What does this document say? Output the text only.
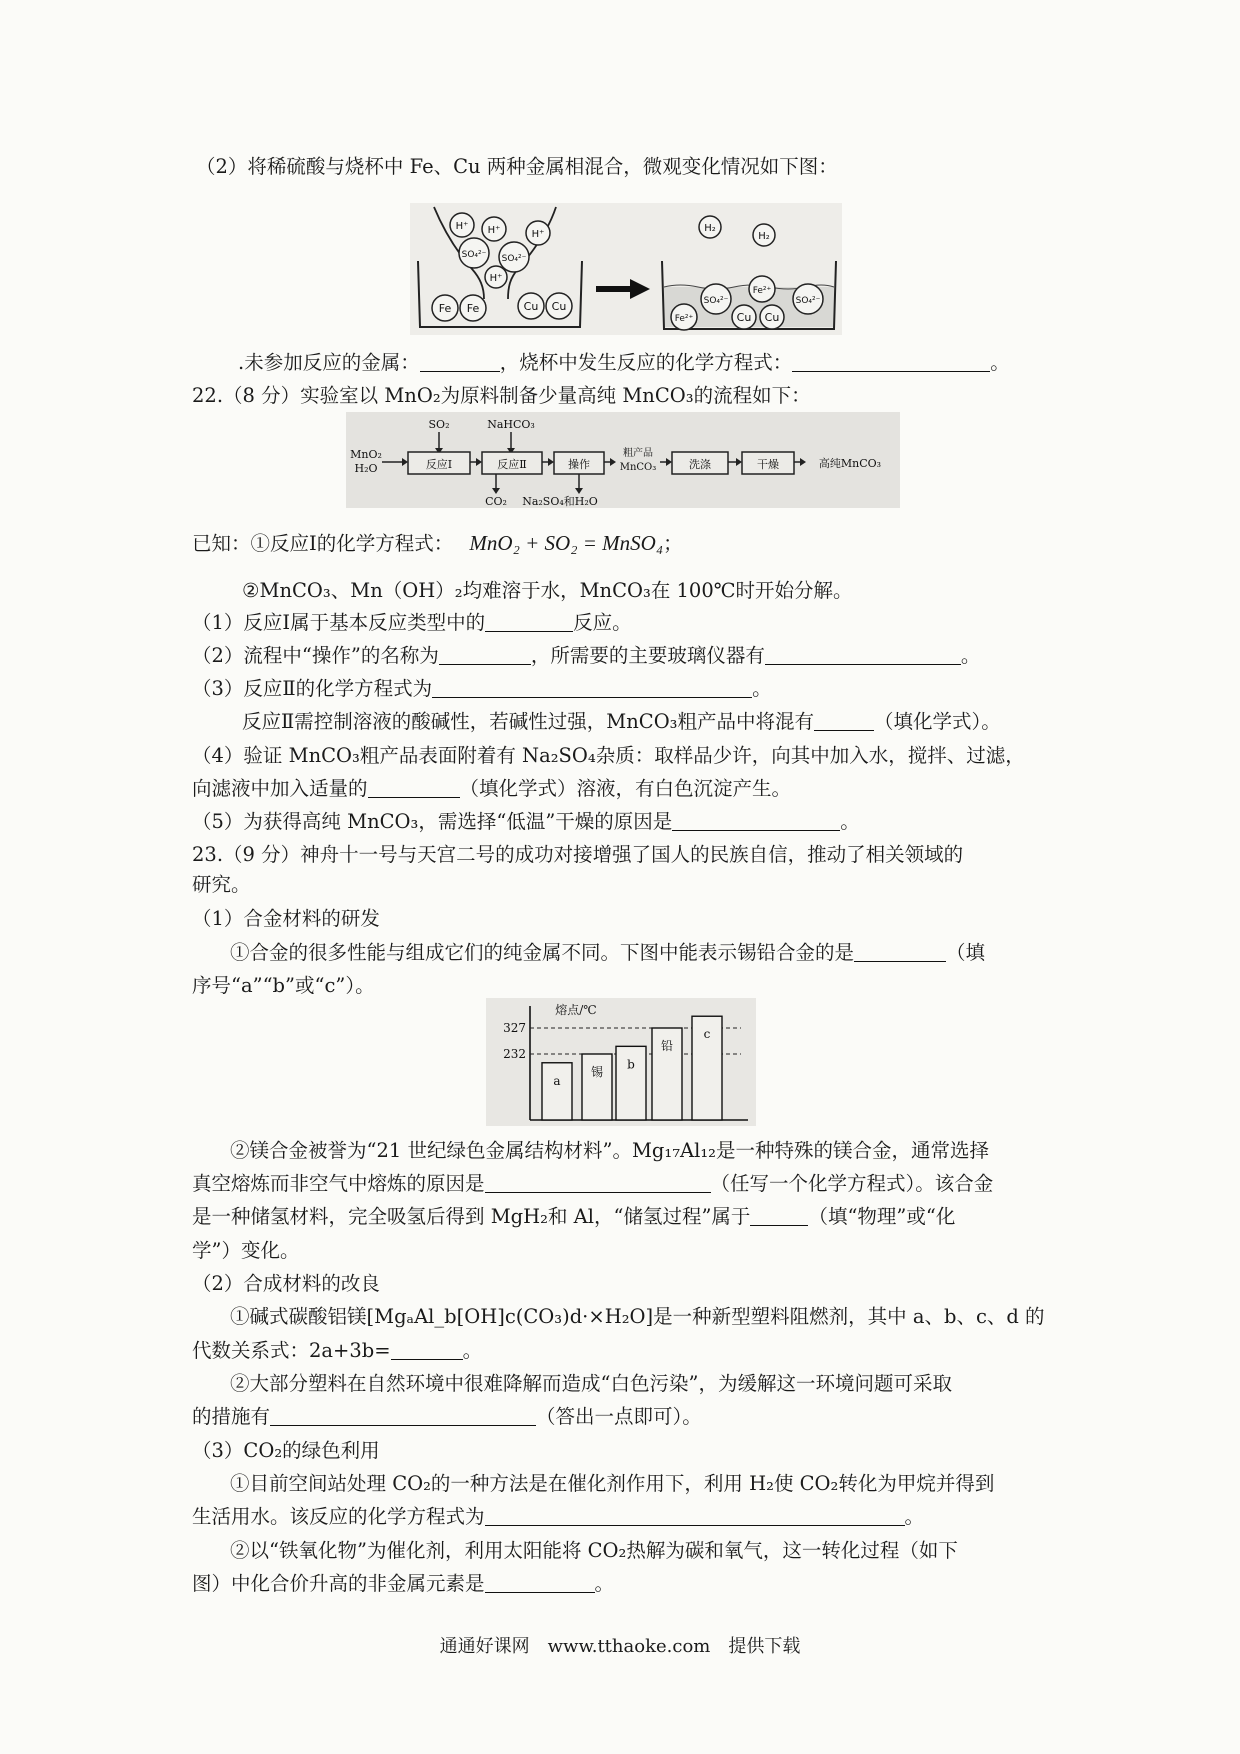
（2）将稀硫酸与烧杯中 Fe、Cu 两种金属相混合，微观变化情况如下图：
H⁺ H⁺	H⁺
SO₄²⁻ SO₄²⁻
H⁺
Fe Fe	Cu Cu
H₂
H₂
SO₄²⁻
Fe²⁺
SO₄²⁻
Fe²⁺	Cu Cu
.未参加反应的金属：	，烧杯中发生反应的化学方程式：	。
22.（8 分）实验室以 MnO₂为原料制备少量高纯 MnCO₃的流程如下：
MnO₂
H₂O
SO₂
反应Ⅰ
NaHCO₃
反应Ⅱ
CO₂
操作
Na₂SO₄和H₂O
粗产品
MnCO₃	洗涤	干燥	高纯MnCO₃
已知：①反应Ⅰ的化学方程式： MnO₂ + SO₂ = MnSO₄；
②MnCO₃、Mn（OH）₂均难溶于水，MnCO₃在 100℃时开始分解。
（1）反应Ⅰ属于基本反应类型中的	反应。
（2）流程中“操作”的名称为	，所需要的主要玻璃仪器有	。
（3）反应Ⅱ的化学方程式为	。
反应Ⅱ需控制溶液的酸碱性，若碱性过强，MnCO₃粗产品中将混有	（填化学式）。
（4）验证 MnCO₃粗产品表面附着有 Na₂SO₄杂质：取样品少许，向其中加入水，搅拌、过滤，
向滤液中加入适量的	（填化学式）溶液，有白色沉淀产生。
（5）为获得高纯 MnCO₃，需选择“低温”干燥的原因是	。
23.（9 分）神舟十一号与天宫二号的成功对接增强了国人的民族自信，推动了相关领域的
研究。
（1）合金材料的研发
①合金的很多性能与组成它们的纯金属不同。下图中能表示锡铅合金的是	（填
序号“a”“b”或“c”）。
熔点/℃
232
327
a
锡
b
铅
c
②镁合金被誉为“21 世纪绿色金属结构材料”。Mg₁₇Al₁₂是一种特殊的镁合金，通常选择
真空熔炼而非空气中熔炼的原因是	（任写一个化学方程式）。该合金
是一种储氢材料，完全吸氢后得到 MgH₂和 Al，“储氢过程”属于	（填“物理”或“化
学”）变化。
（2）合成材料的改良
①碱式碳酸铝镁[MgₐAl_b[OH]c(CO₃)d·×H₂O]是一种新型塑料阻燃剂，其中 a、b、c、d 的
代数关系式：2a+3b=	。
②大部分塑料在自然环境中很难降解而造成“白色污染”，为缓解这一环境问题可采取
的措施有	（答出一点即可）。
（3）CO₂的绿色利用
①目前空间站处理 CO₂的一种方法是在催化剂作用下，利用 H₂使 CO₂转化为甲烷并得到
生活用水。该反应的化学方程式为	。
②以“铁氧化物”为催化剂，利用太阳能将 CO₂热解为碳和氧气，这一转化过程（如下
图）中化合价升高的非金属元素是	。
通通好课网　www.tthaoke.com　提供下载
